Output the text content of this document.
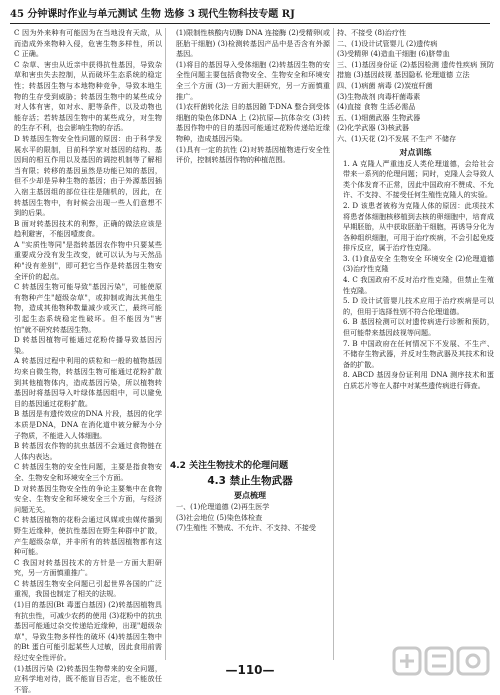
45 分钟课时作业与单元测试 生物 选修 3 现代生物科技专题 RJ

C 因为外来种有可能因为在当地没有天敌，从而造成外来物种入侵，危害生物多样性，所以 C 正确。

C 杂草、害虫从近亲中获得抗性基因，导致杂草和害虫失去控制，从而破坏生态系统的稳定性；转基因生物与本地物种竞争，导致本地生物的生存受到威胁；转基因生物中的某些成分对人体有害，如对水、肥等条件，以及动物也能存活；若转基因生物中的某些成分，对生物的生存不利，也会影响生物的存活。

D 转基因生物安全性问题的原因：由于科学发展水平的限制，目前科学家对基因的结构、基因间的相互作用以及基因的调控机制等了解相当有限；转移的基因虽然是功能已知的基因，但不少却是异种生物的基因；由于外源基因插入宿主基因组的部位往往是随机的，因此，在转基因生物中，有时候会出现一些人们意想不到的后果。

B 面对转基因技术的利弊，正确的做法应该是趋利避害，不能因噎废食。

A "实质性等同"是指转基因农作物中只要某些重要成分没有发生改变，就可以认为与天然品种"没有差别"，即可把它当作是转基因生物安全评价的起点。

C 转基因生物可能导致"基因污染"，可能使原有物种产生"超级杂草"，或抑制或淘汰其他生物，造成其他物种数量减少或灭亡，最终可能引起生态系统稳定性破坏。但不能因为"害怕"就不研究转基因生物。

D 转基因植物可能通过花粉传播导致基因污染。

A 转基因过程中利用的质粒和一般的植物基因均来自微生物，转基因生物可能通过花粉扩散到其他植物体内，造成基因污染，所以植物转基因时将基因导入叶绿体基因组中，可以避免目的基因通过花粉扩散。

B 基因是有遗传效应的DNA 片段，基因的化学本质是DNA，DNA 在消化道中被分解为小分子物质，不能进入人体细胞。

B 转基因农作物的抗虫基因不会通过食物链在人体内表达。

C 转基因生物的安全性问题，主要是指食物安全、生物安全和环境安全三个方面。

D 对转基因生物安全性的争论主要集中在食物安全、生物安全和环境安全三个方面，与经济问题无关。

C 转基因植物的花粉会通过风媒或虫媒传播到野生近缘种，使抗性基因在野生种群中扩散，产生超级杂草，并非所有的转基因植物都有这种可能。

C 我国对转基因技术的方针是一方面大胆研究，另一方面慎重推广。

C 转基因生物安全问题已引起世界各国的广泛重视，我国也制定了相关的法规。

(1)目的基因(Bt 毒蛋白基因) (2)转基因植物具有抗虫性，可减少农药的使用 (3)花粉中的抗虫基因可能通过杂交传递给近缘种，出现"超级杂草"，导致生物多样性的破坏 (4)转基因生物中的Bt 蛋白可能引起某些人过敏，因此食用前需经过安全性评价。

(1)基因污染 (2)转基因生物带来的安全问题，应科学地对待，既不能盲目否定，也不能放任不管。

(1)限制性核酸内切酶 DNA 连接酶 (2)受精卵(或胚胎干细胞) (3)检测转基因产品中是否含有外源基因。

(1)将目的基因导入受体细胞 (2)转基因生物的安全性问题主要包括食物安全、生物安全和环境安全三个方面 (3)一方面大胆研究，另一方面慎重推广。

(1)农杆菌转化法 目的基因随 T-DNA 整合到受体细胞的染色体DNA 上 (2)抗原—抗体杂交 (3)转基因作物中的目的基因可能通过花粉传递给近缘物种，造成基因污染。

(1)具有一定的抗性 (2)对转基因植物进行安全性评价，控制转基因作物的种植范围。

4.2 关注生物技术的伦理问题
4.3 禁止生物武器
要点梳理

一、(1)伦理道德 (2)再生医学

(3)社会地位 (5)染色体检查

(7)生殖性 不赞成、不允许、不支持、不接受

持、不接受 (8)治疗性

二、(1)设计试管婴儿 (2)遗传病

(3)受精卵 (4)造血干细胞 (6)脐带血

三、(1)基因身份证 (2)基因检测 遗传性疾病 预防措施 (3)基因歧视 基因隐私 伦理道德 立法

四、(1)病菌 病毒 (2)炭疽杆菌

(3)生物战剂 肉毒杆菌毒素

(4)直接 食物 生活必需品

五、(1)细菌武器 生物武器

(2)化学武器 (3)核武器

六、(1)天花 (2)不发展 不生产 不储存

对点训练

1. A 克隆人严重违反人类伦理道德，会给社会带来一系列的伦理问题；同时，克隆人会导致人类个体发育不正常，因此中国政府不赞成、不允许、不支持、不接受任何生殖性克隆人的实验。

2. D 该患者被称为克隆人体的原因：此项技术将患者体细胞核移植到去核的卵细胞中，培育成早期胚胎，从中获取胚胎干细胞，再诱导分化为各种组织细胞，可用于治疗疾病，不会引起免疫排斥反应，属于治疗性克隆。

3. (1)食品安全 生物安全 环境安全 (2)伦理道德 (3)治疗性克隆

4. C 我国政府不反对治疗性克隆，但禁止生殖性克隆。

5. D 设计试管婴儿技术应用于治疗疾病是可以的，但用于选择性别不符合伦理道德。

6. B 基因检测可以对遗传病进行诊断和预防，但可能带来基因歧视等问题。

7. B 中国政府在任何情况下不发展、不生产、不储存生物武器，并反对生物武器及其技术和设备的扩散。

8. ABCD 基因身份证利用 DNA 测序技术和蛋白质芯片等在人群中对某些遗传病进行筛查。

—110—
